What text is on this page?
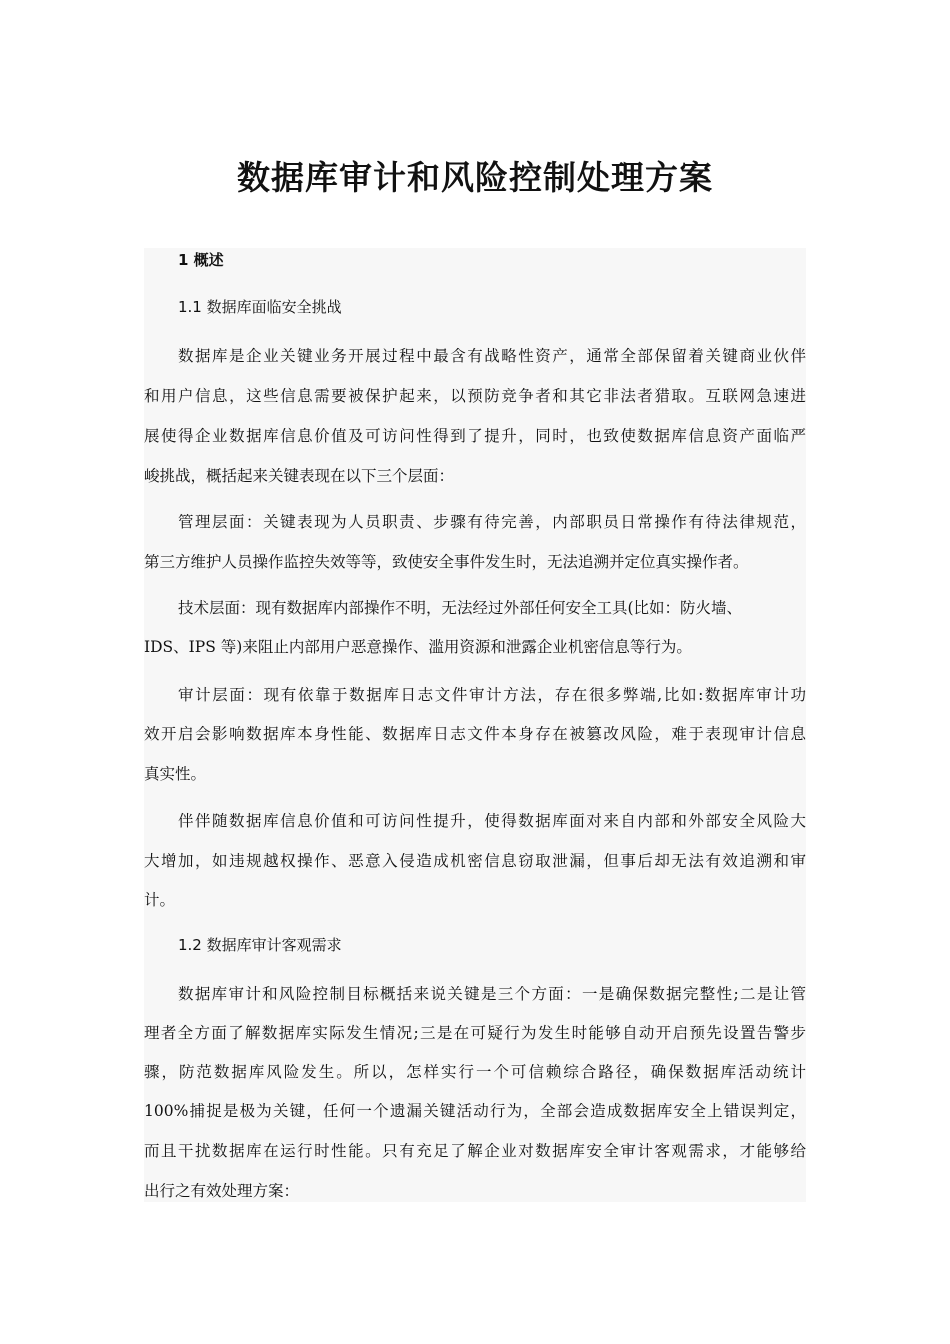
数据库审计和风险控制处理方案
1 概述
1.1 数据库面临安全挑战
数据库是企业关键业务开展过程中最含有战略性资产，通常全部保留着关键商业伙伴
和用户信息，这些信息需要被保护起来，以预防竞争者和其它非法者猎取。互联网急速进
展使得企业数据库信息价值及可访问性得到了提升，同时，也致使数据库信息资产面临严
峻挑战，概括起来关键表现在以下三个层面：
管理层面：关键表现为人员职责、步骤有待完善，内部职员日常操作有待法律规范，
第三方维护人员操作监控失效等等，致使安全事件发生时，无法追溯并定位真实操作者。
技术层面：现有数据库内部操作不明，无法经过外部任何安全工具(比如：防火墙、
IDS、IPS 等)来阻止内部用户恶意操作、滥用资源和泄露企业机密信息等行为。
审计层面：现有依靠于数据库日志文件审计方法，存在很多弊端,比如:数据库审计功
效开启会影响数据库本身性能、数据库日志文件本身存在被篡改风险，难于表现审计信息
真实性。
伴伴随数据库信息价值和可访问性提升，使得数据库面对来自内部和外部安全风险大
大增加，如违规越权操作、恶意入侵造成机密信息窃取泄漏，但事后却无法有效追溯和审
计。
1.2 数据库审计客观需求
数据库审计和风险控制目标概括来说关键是三个方面：一是确保数据完整性;二是让管
理者全方面了解数据库实际发生情况;三是在可疑行为发生时能够自动开启预先设置告警步
骤，防范数据库风险发生。所以，怎样实行一个可信赖综合路径，确保数据库活动统计
100%捕捉是极为关键，任何一个遗漏关键活动行为，全部会造成数据库安全上错误判定，
而且干扰数据库在运行时性能。只有充足了解企业对数据库安全审计客观需求，才能够给
出行之有效处理方案：
